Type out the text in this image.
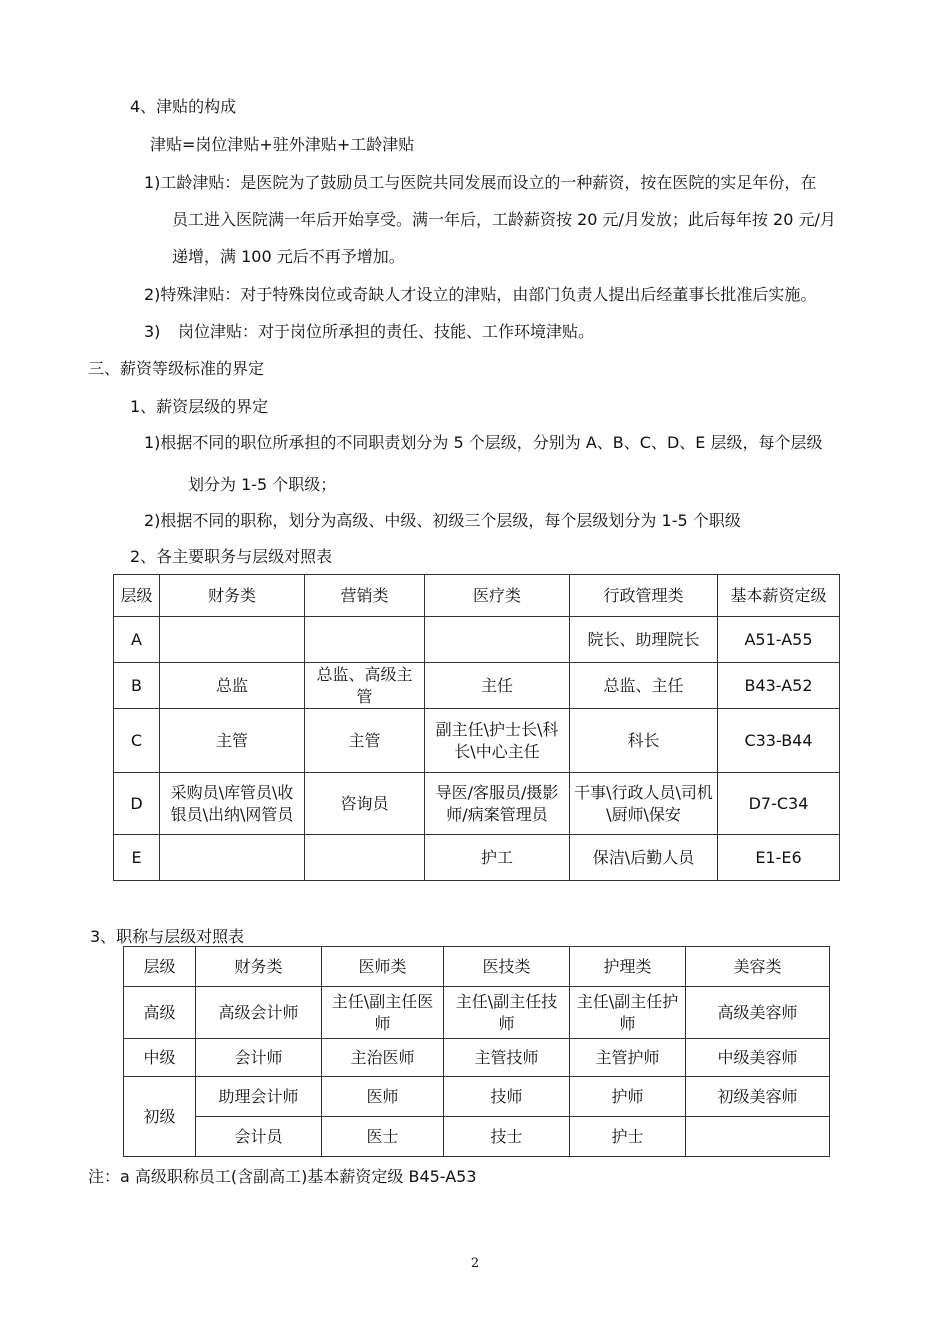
4、津贴的构成
津贴=岗位津贴+驻外津贴+工龄津贴
1)工龄津贴：是医院为了鼓励员工与医院共同发展而设立的一种薪资，按在医院的实足年份，在
员工进入医院满一年后开始享受。满一年后，工龄薪资按 20 元/月发放；此后每年按 20 元/月
递增，满 100 元后不再予增加。
2)特殊津贴：对于特殊岗位或奇缺人才设立的津贴，由部门负责人提出后经董事长批准后实施。
3) 岗位津贴：对于岗位所承担的责任、技能、工作环境津贴。
三、薪资等级标准的界定
1、薪资层级的界定
1)根据不同的职位所承担的不同职责划分为 5 个层级，分别为 A、B、C、D、E 层级，每个层级
划分为 1-5 个职级；
2)根据不同的职称，划分为高级、中级、初级三个层级，每个层级划分为 1-5 个职级
2、各主要职务与层级对照表
层级	财务类	营销类	医疗类	行政管理类	基本薪资定级
A				院长、助理院长	A51-A55
B	总监	总监、高级主管	主任	总监、主任	B43-A52
C	主管	主管	副主任\护士长\科长\中心主任	科长	C33-B44
D	采购员\库管员\收银员\出纳\网管员	咨询员	导医/客服员/摄影师/病案管理员	干事\行政人员\司机\厨师\保安	D7-C34
E			护工	保洁\后勤人员	E1-E6
3、职称与层级对照表
层级	财务类	医师类	医技类	护理类	美容类
高级	高级会计师	主任\副主任医师	主任\副主任技师	主任\副主任护师	高级美容师
中级	会计师	主治医师	主管技师	主管护师	中级美容师
初级	助理会计师	医师	技师	护师	初级美容师
	会计员	医士	技士	护士	
注：a 高级职称员工(含副高工)基本薪资定级 B45-A53
2
